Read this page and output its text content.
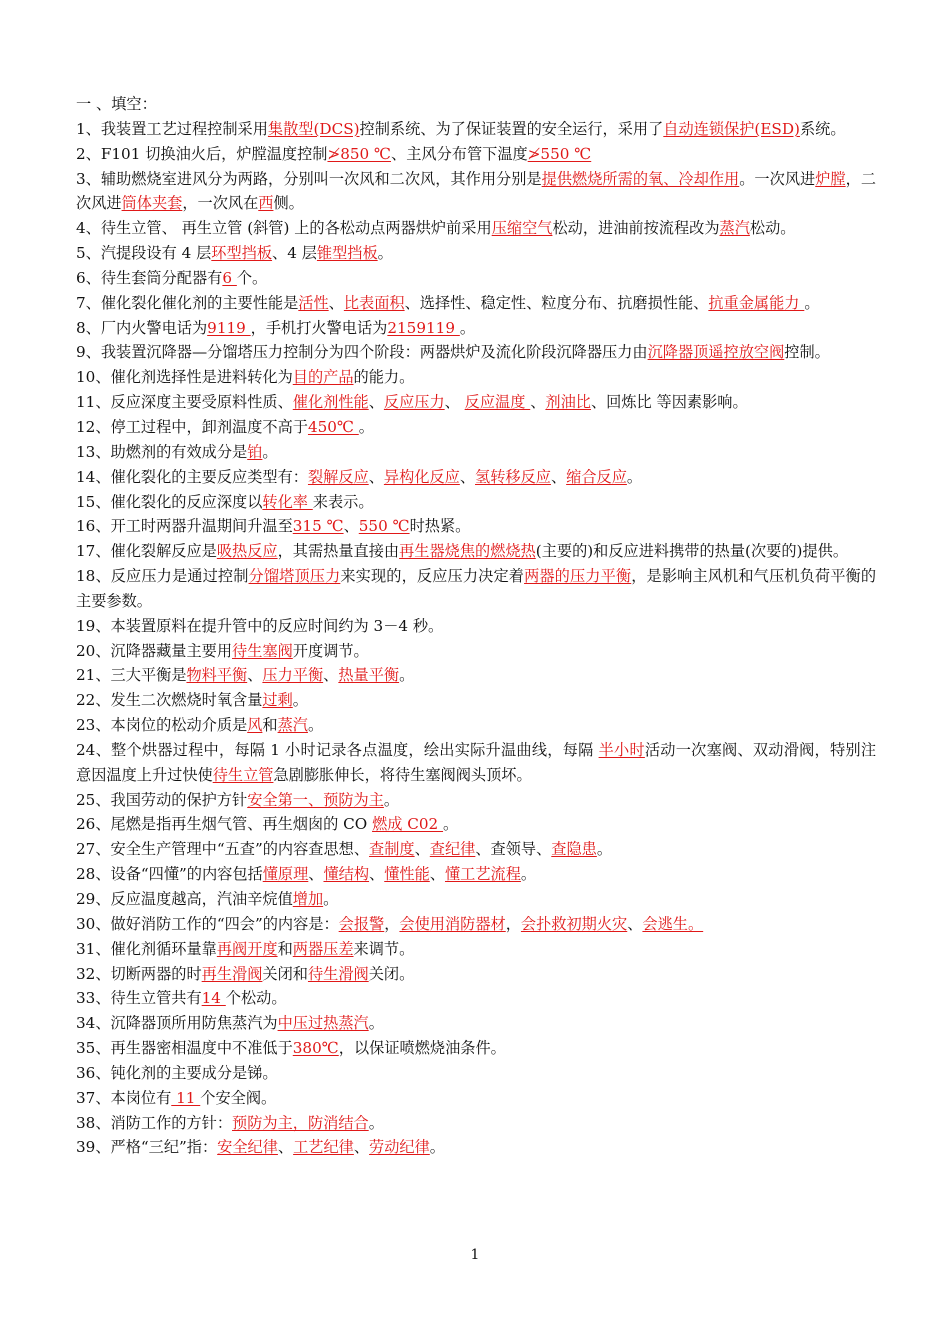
一 、填空：
1、我装置工艺过程控制采用集散型(DCS)控制系统、为了保证装置的安全运行，采用了自动连锁保护(ESD)系统。
2、F101 切换油火后，炉膛温度控制≯850 ℃、主风分布管下温度≯550 ℃
3、辅助燃烧室进风分为两路，分别叫一次风和二次风，其作用分别是提供燃烧所需的氧、冷却作用。一次风进炉膛，二次风进筒体夹套，一次风在西侧。
4、待生立管、 再生立管 (斜管) 上的各松动点两器烘炉前采用压缩空气松动，进油前按流程改为蒸汽松动。
5、汽提段设有 4 层环型挡板、4 层锥型挡板。
6、待生套筒分配器有6 个。
7、催化裂化催化剂的主要性能是活性、比表面积、选择性、稳定性、粒度分布、抗磨损性能、抗重金属能力 。
8、厂内火警电话为9119 ，手机打火警电话为2159119 。
9、我装置沉降器—分馏塔压力控制分为四个阶段：两器烘炉及流化阶段沉降器压力由沉降器顶遥控放空阀控制。
10、催化剂选择性是进料转化为目的产品的能力。
11、反应深度主要受原料性质、催化剂性能、反应压力、 反应温度 、剂油比、回炼比 等因素影响。
12、停工过程中，卸剂温度不高于450℃ 。
13、助燃剂的有效成分是铂。
14、催化裂化的主要反应类型有：裂解反应、异构化反应、氢转移反应、缩合反应。
15、催化裂化的反应深度以转化率 来表示。
16、开工时两器升温期间升温至315 ℃、550 ℃时热紧。
17、催化裂解反应是吸热反应，其需热量直接由再生器烧焦的燃烧热(主要的)和反应进料携带的热量(次要的)提供。
18、反应压力是通过控制分馏塔顶压力来实现的，反应压力决定着两器的压力平衡，是影响主风机和气压机负荷平衡的主要参数。
19、本装置原料在提升管中的反应时间约为 3－4 秒。
20、沉降器藏量主要用待生塞阀开度调节。
21、三大平衡是物料平衡、压力平衡、热量平衡。
22、发生二次燃烧时氧含量过剩。
23、本岗位的松动介质是风和蒸汽。
24、整个烘器过程中，每隔 1 小时记录各点温度，绘出实际升温曲线，每隔 半小时活动一次塞阀、双动滑阀，特别注意因温度上升过快使待生立管急剧膨胀伸长，将待生塞阀阀头顶坏。
25、我国劳动的保护方针安全第一、预防为主。
26、尾燃是指再生烟气管、再生烟囱的 CO 燃成 C02 。
27、安全生产管理中“五查”的内容查思想、查制度、查纪律、查领导、查隐患。
28、设备“四懂”的内容包括懂原理、懂结构、懂性能、懂工艺流程。
29、反应温度越高，汽油辛烷值增加。
30、做好消防工作的“四会”的内容是：会报警，会使用消防器材，会扑救初期火灾、会逃生。
31、催化剂循环量靠再阀开度和两器压差来调节。
32、切断两器的时再生滑阀关闭和待生滑阀关闭。
33、待生立管共有14 个松动。
34、沉降器顶所用防焦蒸汽为中压过热蒸汽。
35、再生器密相温度中不准低于380℃，以保证喷燃烧油条件。
36、钝化剂的主要成分是锑。
37、本岗位有 11 个安全阀。
38、消防工作的方针：预防为主，防消结合。
39、严格“三纪”指：安全纪律、工艺纪律、劳动纪律。
1
